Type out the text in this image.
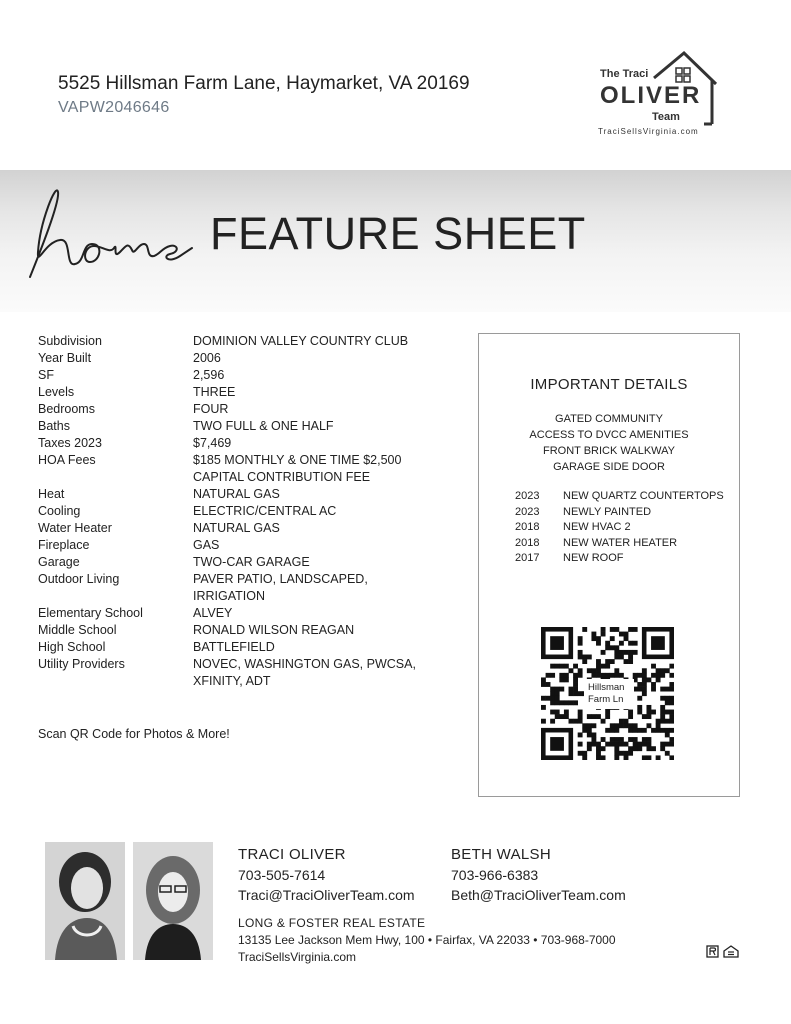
5525 Hillsman Farm Lane, Haymarket, VA 20169
VAPW2046646
The Traci
OLIVER
Team
TraciSellsVirginia.com
FEATURE SHEET
Subdivision	DOMINION VALLEY COUNTRY CLUB
Year Built	2006
SF	2,596
Levels	THREE
Bedrooms	FOUR
Baths	TWO FULL & ONE HALF
Taxes 2023	$7,469
HOA Fees	$185 MONTHLY & ONE TIME $2,500
CAPITAL CONTRIBUTION FEE
Heat	NATURAL GAS
Cooling	ELECTRIC/CENTRAL AC
Water Heater	NATURAL GAS
Fireplace	GAS
Garage	TWO-CAR GARAGE
Outdoor Living	PAVER PATIO, LANDSCAPED, IRRIGATION
Elementary School	ALVEY
Middle School	RONALD WILSON REAGAN
High School	BATTLEFIELD
Utility Providers	NOVEC, WASHINGTON GAS, PWCSA,
XFINITY, ADT
Scan QR Code for Photos & More!
IMPORTANT DETAILS
GATED COMMUNITY
ACCESS TO DVCC AMENITIES
FRONT BRICK WALKWAY
GARAGE SIDE DOOR
2023	NEW QUARTZ COUNTERTOPS
2023	NEWLY PAINTED
2018	NEW HVAC 2
2018	NEW WATER HEATER
2017	NEW ROOF
Hillsman
Farm Ln
TRACI OLIVER
703-505-7614
Traci@TraciOliverTeam.com
BETH WALSH
703-966-6383
Beth@TraciOliverTeam.com
LONG & FOSTER REAL ESTATE
13135 Lee Jackson Mem Hwy, 100 • Fairfax, VA 22033 • 703-968-7000
TraciSellsVirginia.com
